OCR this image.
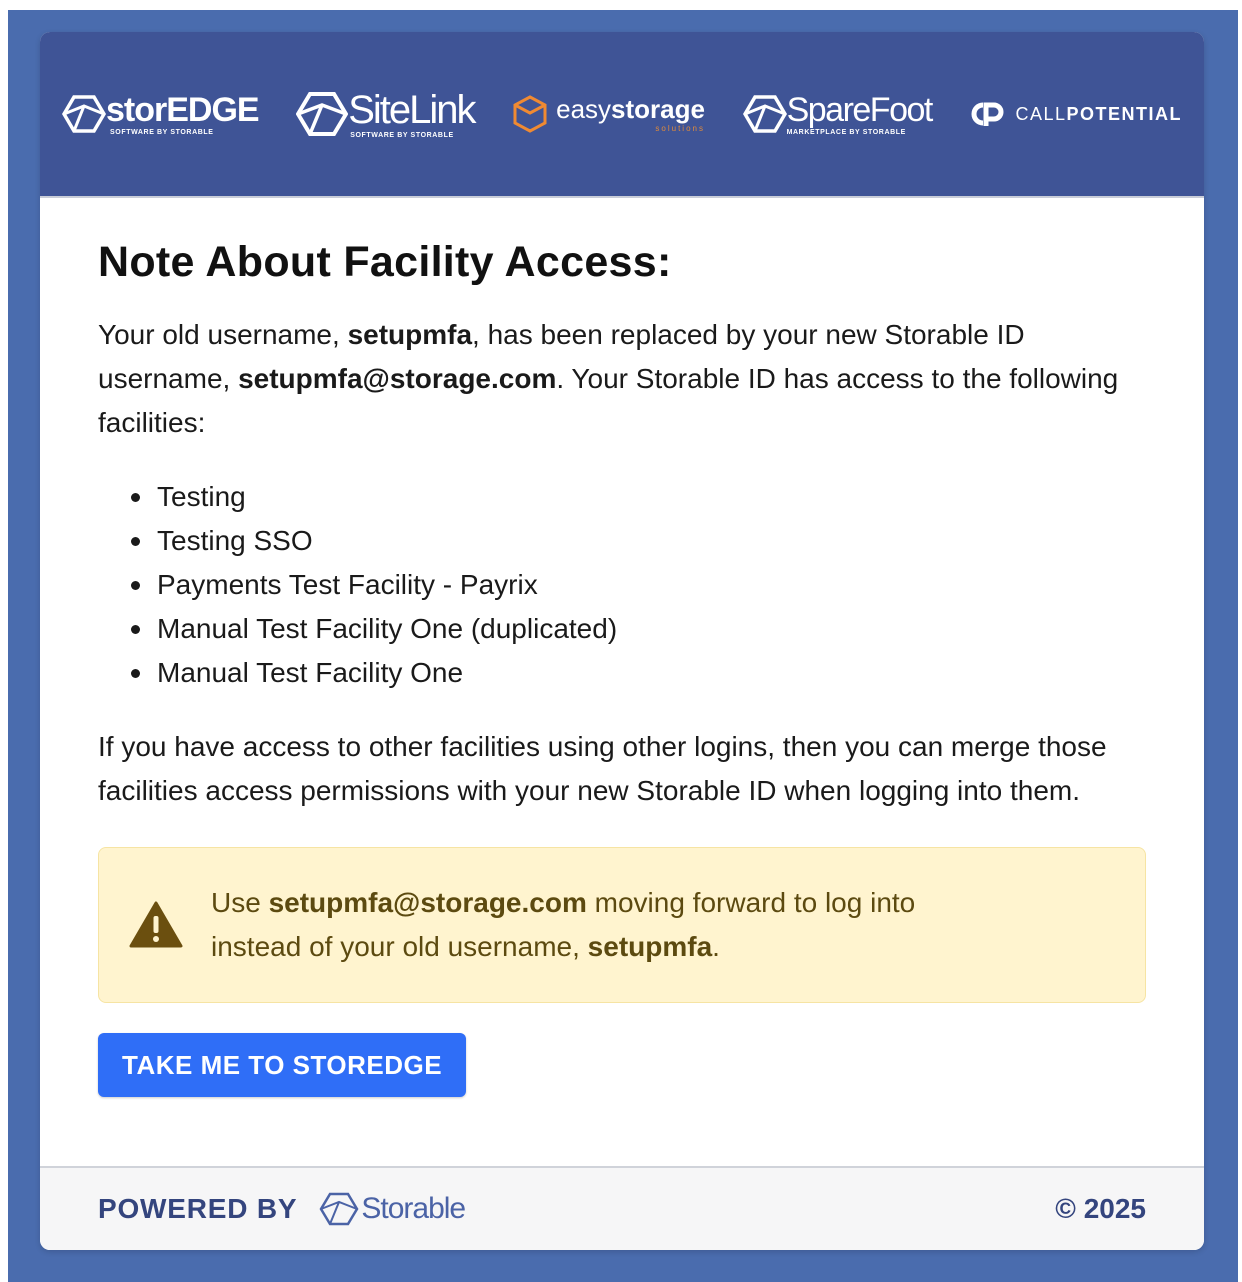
storEDGE
SOFTWARE BY STORABLE
SiteLink
SOFTWARE BY STORABLE
easystorage
solutions SpareFoot
MARKETPLACE BY STORABLE
CALLPOTENTIAL
Note About Facility Access:

Your old username, setupmfa, has been replaced by your new Storable ID username, setupmfa@storage.com. Your Storable ID has access to the following facilities:

Testing
Testing SSO
Payments Test Facility - Payrix
Manual Test Facility One (duplicated)
Manual Test Facility One

If you have access to other facilities using other logins, then you can merge those facilities access permissions with your new Storable ID when logging into them.

Use setupmfa@storage.com moving forward to log into
instead of your old username, setupmfa.
TAKE ME TO STOREDGE
POWERED BY Storable	© 2025
